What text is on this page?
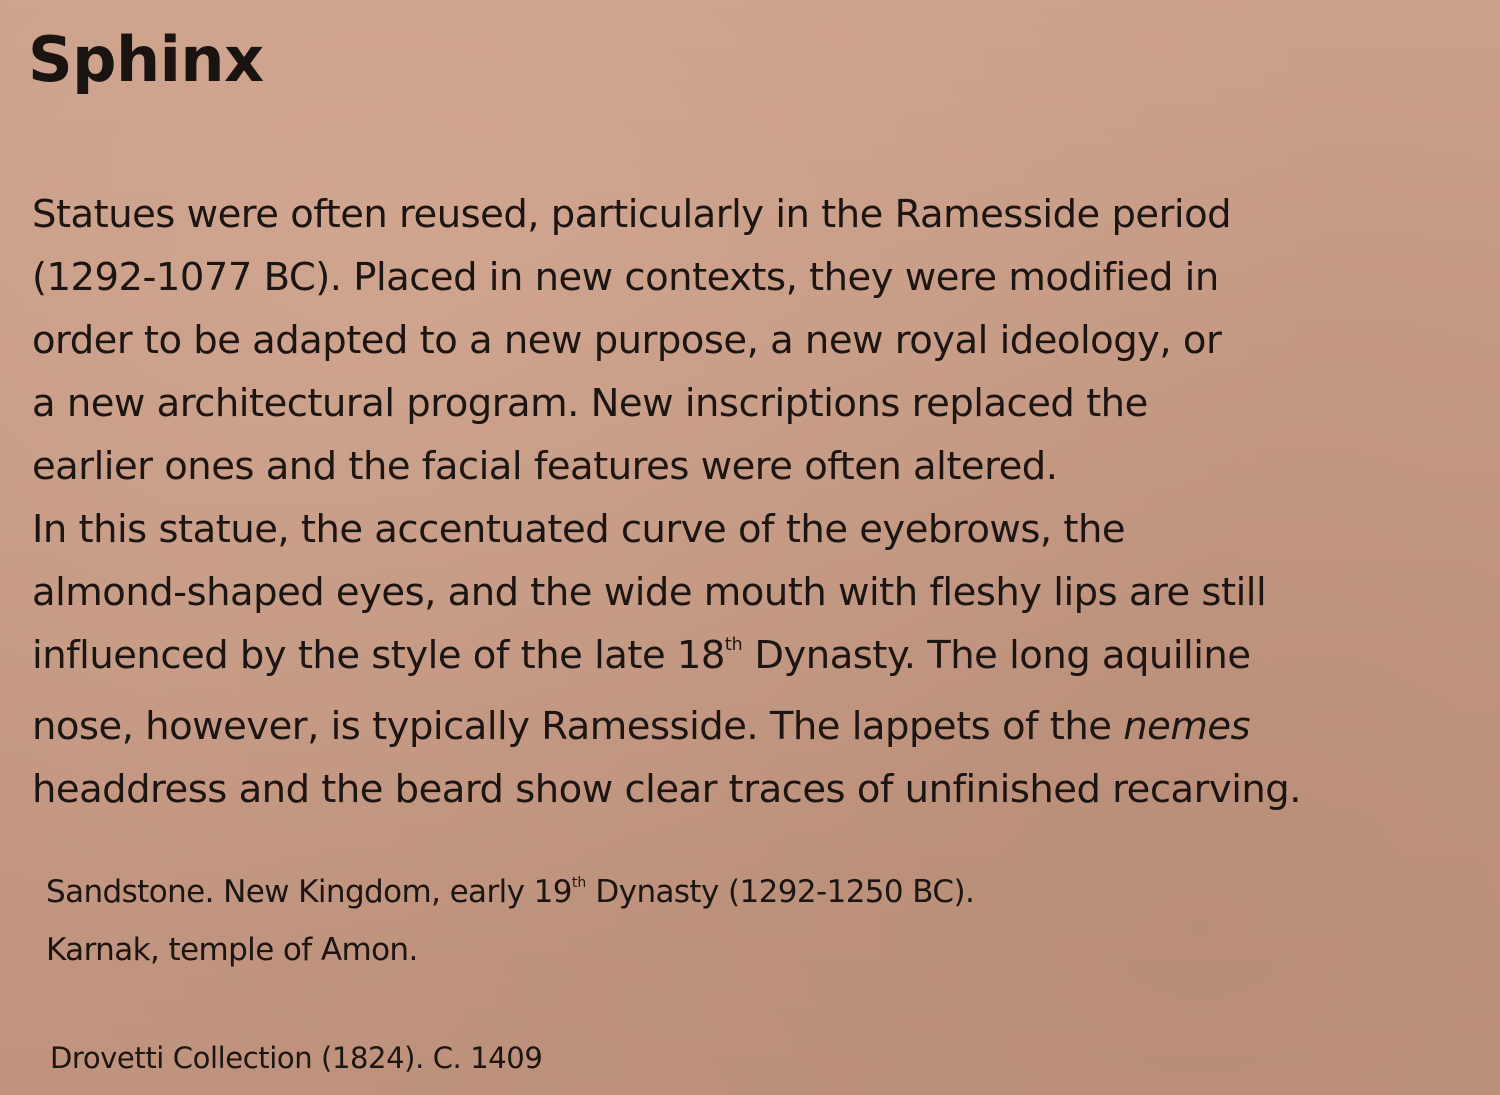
Sphinx

Statues were often reused, particularly in the Ramesside period
(1292-1077 BC). Placed in new contexts, they were modified in
order to be adapted to a new purpose, a new royal ideology, or
a new architectural program. New inscriptions replaced the
earlier ones and the facial features were often altered.
In this statue, the accentuated curve of the eyebrows, the
almond-shaped eyes, and the wide mouth with fleshy lips are still
influenced by the style of the late 18th Dynasty. The long aquiline
nose, however, is typically Ramesside. The lappets of the nemes
headdress and the beard show clear traces of unfinished recarving.

Sandstone. New Kingdom, early 19th Dynasty (1292-1250 BC).
Karnak, temple of Amon.

Drovetti Collection (1824). C. 1409
